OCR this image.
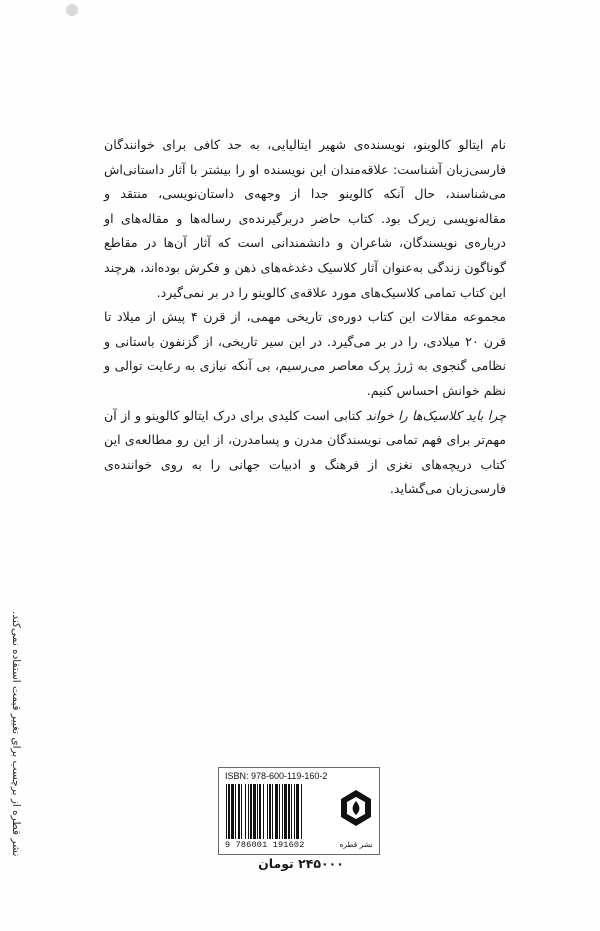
نام ایتالو کالوینو، نویسنده‌ی شهیر ایتالیایی، به حد کافی برای خوانندگان فارسی‌زبان آشناست: علاقه‌مندان این نویسنده او را بیشتر با آثار داستانی‌اش می‌شناسند، حال آنکه کالوینو جدا از وجهه‌ی داستان‌نویسی، منتقد و مقاله‌نویسی زیرک بود. کتاب حاضر دربرگیرنده‌ی رساله‌ها و مقاله‌های او درباره‌ی نویسندگان، شاعران و دانشمندانی است که آثار آن‌ها در مقاطع گوناگون زندگی به‌عنوان آثار کلاسیک دغدغه‌های ذهن و فکرش بوده‌اند، هرچند این کتاب تمامی کلاسیک‌های مورد علاقه‌ی کالوینو را در بر نمی‌گیرد.

مجموعه مقالات این کتاب دوره‌ی تاریخی مهمی، از قرن ۴ پیش از میلاد تا قرن ۲۰ میلادی، را در بر می‌گیرد. در این سیر تاریخی، از گزنفون باستانی و نظامی گنجوی به ژرژ پرک معاصر می‌رسیم، بی آنکه نیازی به رعایت توالی و نظم خوانش احساس کنیم.

چرا باید کلاسیک‌ها را خواند کتابی است کلیدی برای درک ایتالو کالوینو و از آن مهم‌تر برای فهم تمامی نویسندگان مدرن و پسامدرن، از این رو مطالعه‌ی این کتاب دریچه‌های نغزی از فرهنگ و ادبیات جهانی را به روی خواننده‌ی فارسی‌زبان می‌گشاید.

نشر قطره از برچسب برای تغییر قیمت استفاده نمی‌کند.	ISBN: 978-600-119-160-2
9 786001 191602	نشر قطره
۲۴۵۰۰۰ تومان
